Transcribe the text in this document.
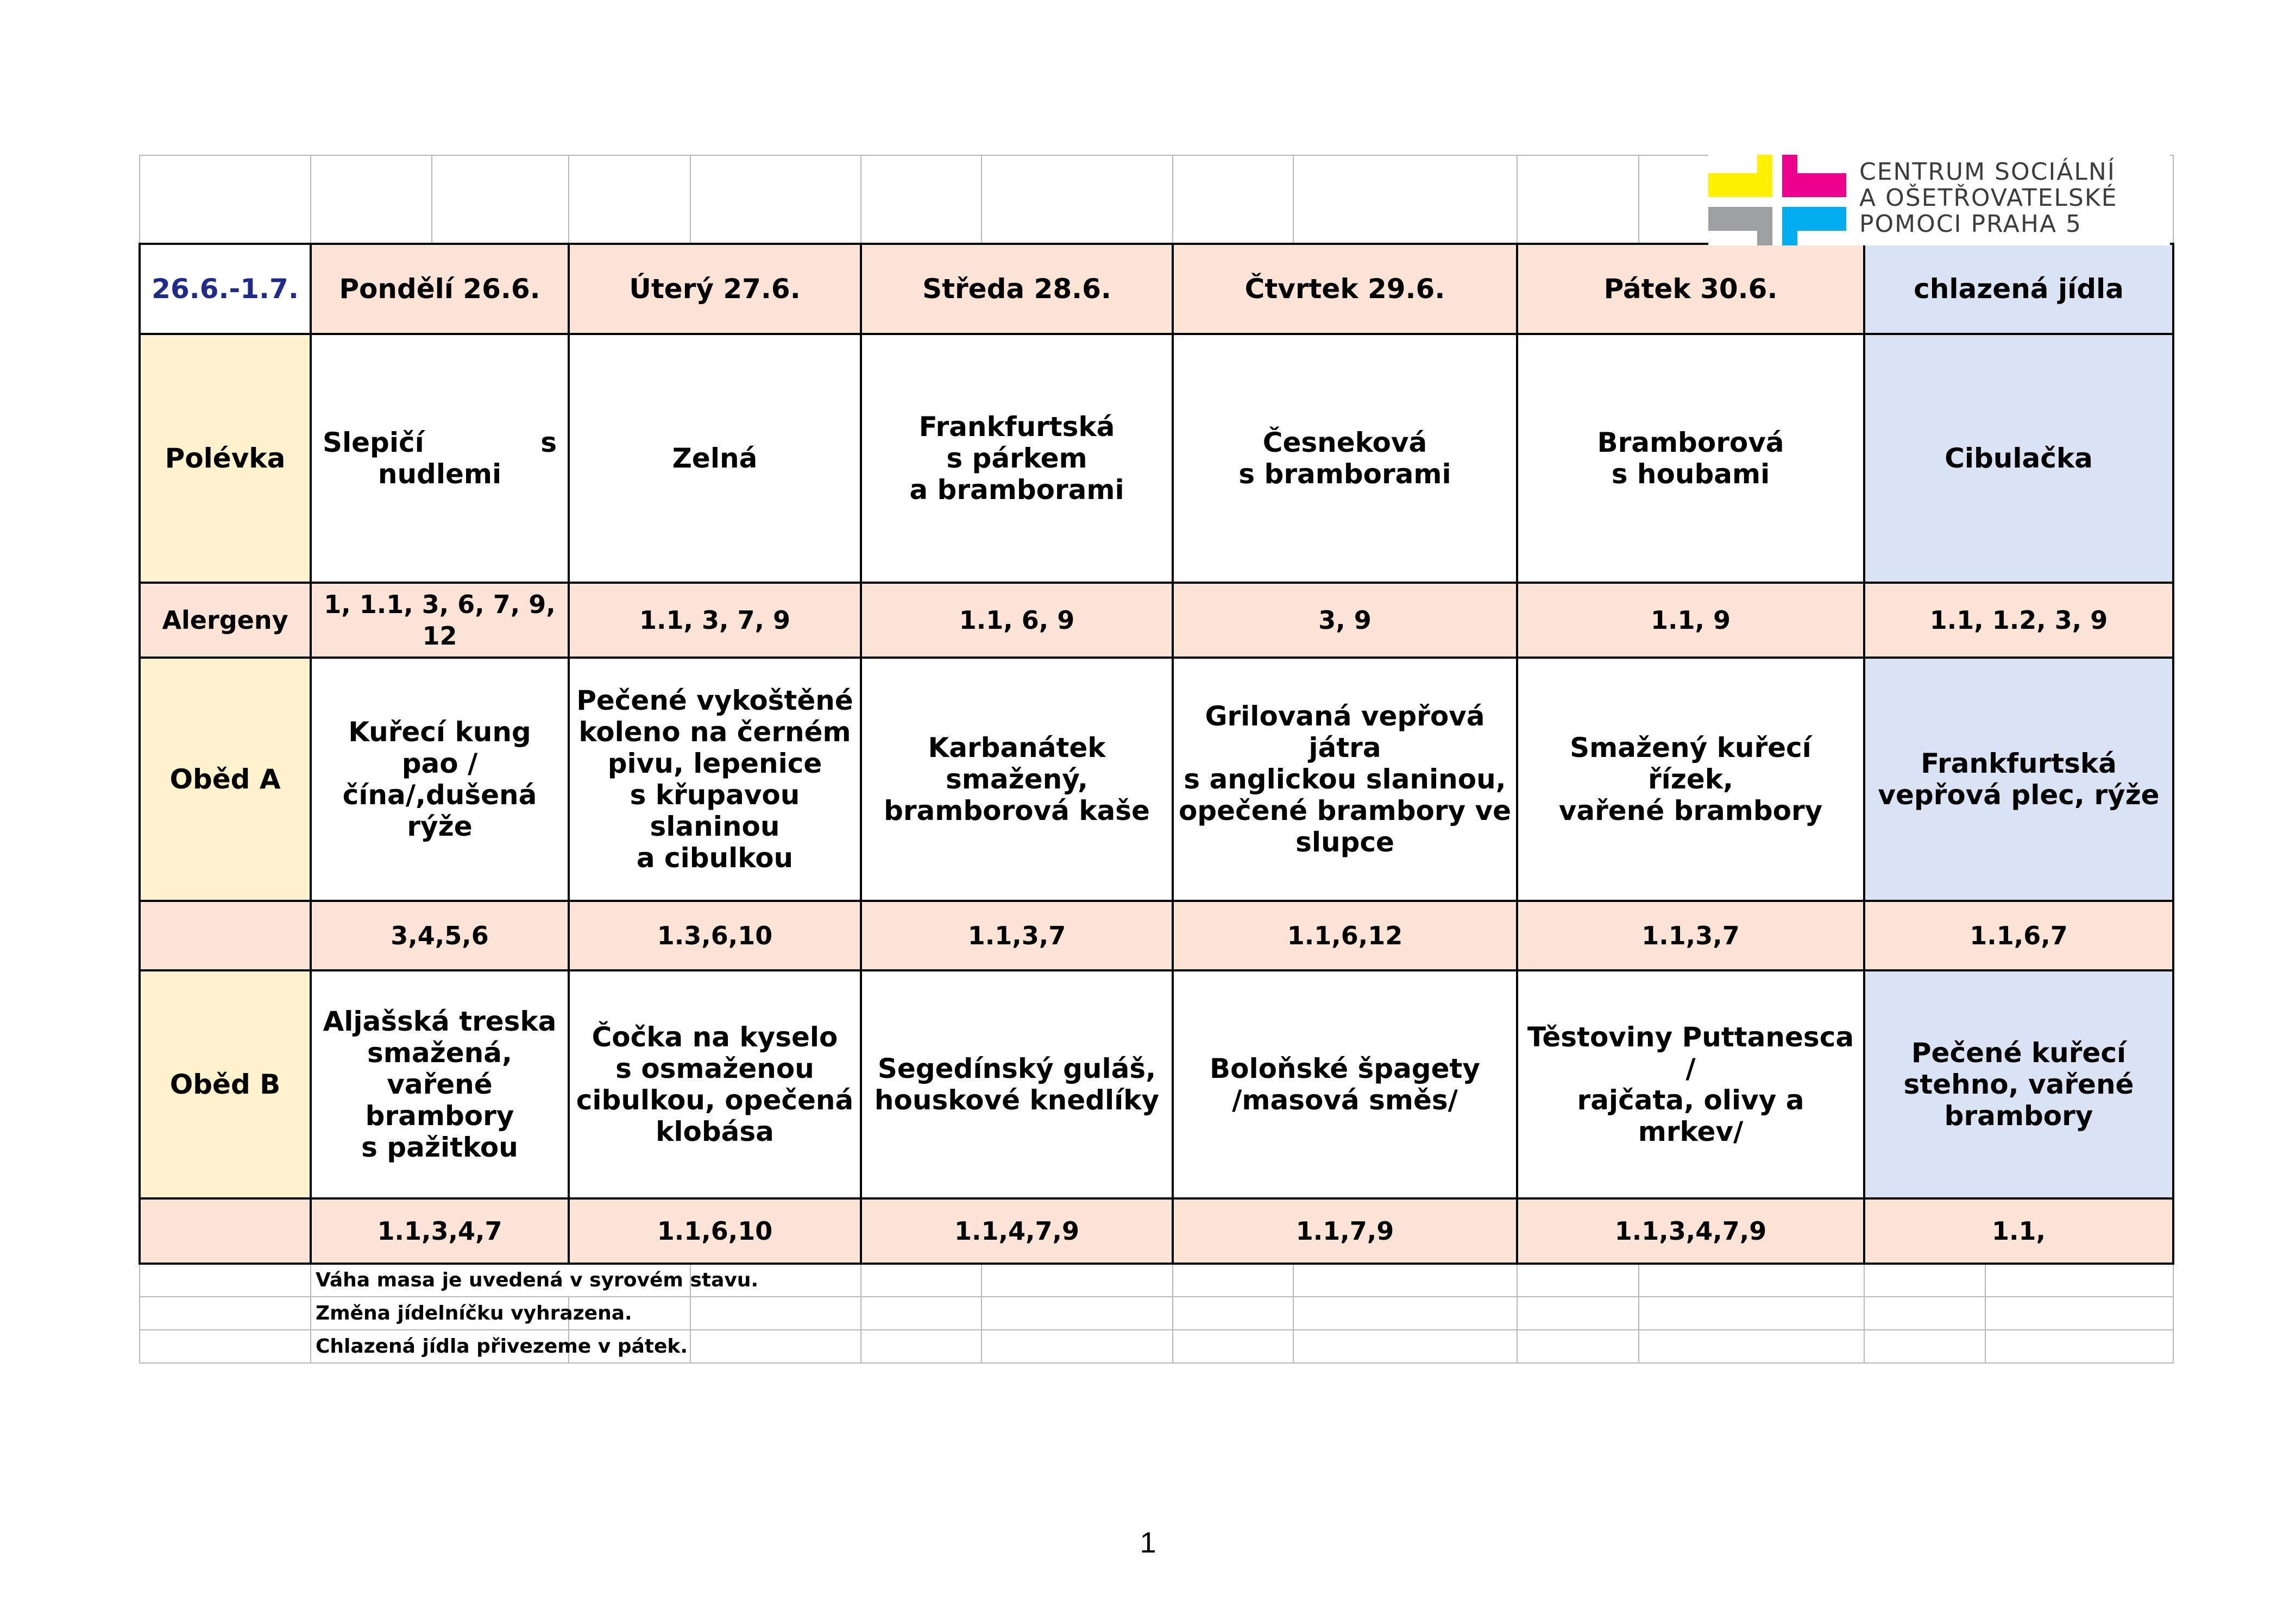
26.6.-1.7.	Pondělí 26.6.		Úterý 27.6.		Středa 28.6.		Čtvrtek 29.6.		Pátek 30.6.		chlazená jídla	
Polévka	Slepičí s nudlemi		Zelná		Frankfurtská
s párkem
a bramborami		Česneková
s bramborami		Bramborová
s houbami		Cibulačka	
Alergeny	1, 1.1, 3, 6, 7, 9, 12		1.1, 3, 7, 9		1.1, 6, 9		3, 9		1.1, 9		1.1, 1.2, 3, 9	
Oběd A	Kuřecí kung
pao /
čína/,dušená rýže		Pečené vykoštěné
koleno na černém
pivu, lepenice
s křupavou slaninou
a cibulkou		Karbanátek smažený,
bramborová kaše		Grilovaná vepřová játra
s anglickou slaninou,
opečené brambory ve
slupce		Smažený kuřecí řízek,
vařené brambory		Frankfurtská
vepřová plec, rýže	
	3,4,5,6		1.3,6,10		1.1,3,7		1.1,6,12		1.1,3,7		1.1,6,7	
Oběd B	Aljašská treska
smažená, vařené
brambory
s pažitkou		Čočka na kyselo
s osmaženou
cibulkou, opečená
klobása		Segedínský guláš,
houskové knedlíky		Boloňské špagety
/masová směs/		Těstoviny Puttanesca /
rajčata, olivy a mrkev/		Pečené kuřecí
stehno, vařené
brambory	
	1.1,3,4,7		1.1,6,10		1.1,4,7,9		1.1,7,9		1.1,3,4,7,9		1.1,	
	Váha masa je uvedená v syrovém stavu.											
	Změna jídelníčku vyhrazena.											
	Chlazená jídla přivezeme v pátek.											
CENTRUM SOCIÁLNÍ
A OŠETŘOVATELSKÉ
POMOCI PRAHA 5
1
